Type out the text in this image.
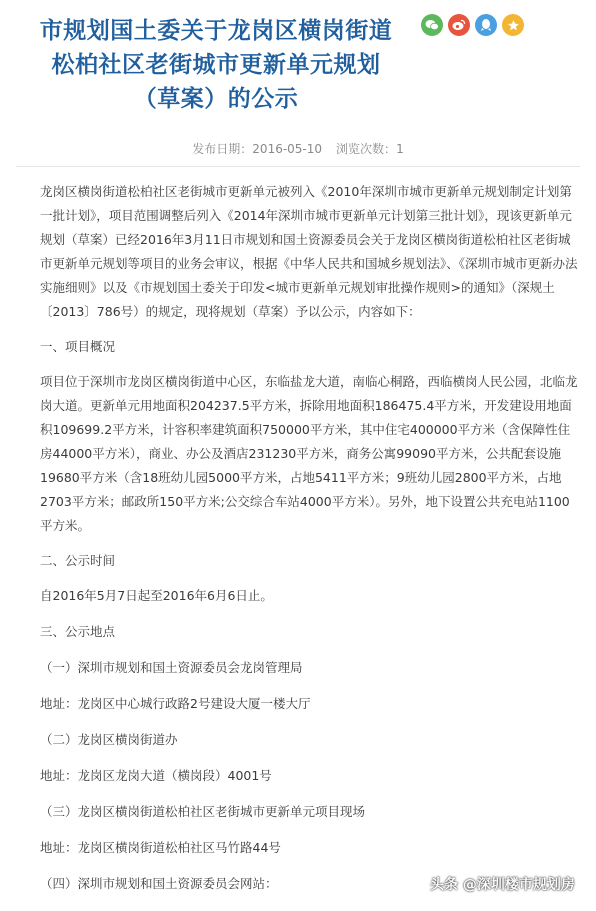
市规划国土委关于龙岗区横岗街道
松柏社区老街城市更新单元规划
（草案）的公示
发布日期：2016-05-10 浏览次数：1

龙岗区横岗街道松柏社区老街城市更新单元被列入《2010年深圳市城市更新单元规划制定计划第一批计划》，项目范围调整后列入《2014年深圳市城市更新单元计划第三批计划》，现该更新单元规划（草案）已经2016年3月11日市规划和国土资源委员会关于龙岗区横岗街道松柏社区老街城市更新单元规划等项目的业务会审议，根据《中华人民共和国城乡规划法》、《深圳市城市更新办法实施细则》以及《市规划国土委关于印发<城市更新单元规划审批操作规则>的通知》（深规土〔2013〕786号）的规定，现将规划（草案）予以公示，内容如下：

一、项目概况

项目位于深圳市龙岗区横岗街道中心区，东临盐龙大道，南临心桐路，西临横岗人民公园，北临龙岗大道。更新单元用地面积204237.5平方米，拆除用地面积186475.4平方米，开发建设用地面积109699.2平方米，计容积率建筑面积750000平方米，其中住宅400000平方米（含保障性住房44000平方米），商业、办公及酒店231230平方米，商务公寓99090平方米，公共配套设施19680平方米（含18班幼儿园5000平方米，占地5411平方米；9班幼儿园2800平方米，占地2703平方米；邮政所150平方米;公交综合车站4000平方米）。另外，地下设置公共充电站1100平方米。

二、公示时间

自2016年5月7日起至2016年6月6日止。

三、公示地点

（一）深圳市规划和国土资源委员会龙岗管理局

地址：龙岗区中心城行政路2号建设大厦一楼大厅

（二）龙岗区横岗街道办

地址：龙岗区龙岗大道（横岗段）4001号

（三）龙岗区横岗街道松柏社区老街城市更新单元项目现场

地址：龙岗区横岗街道松柏社区马竹路44号

（四）深圳市规划和国土资源委员会网站：	头条 @深圳楼市规划房
